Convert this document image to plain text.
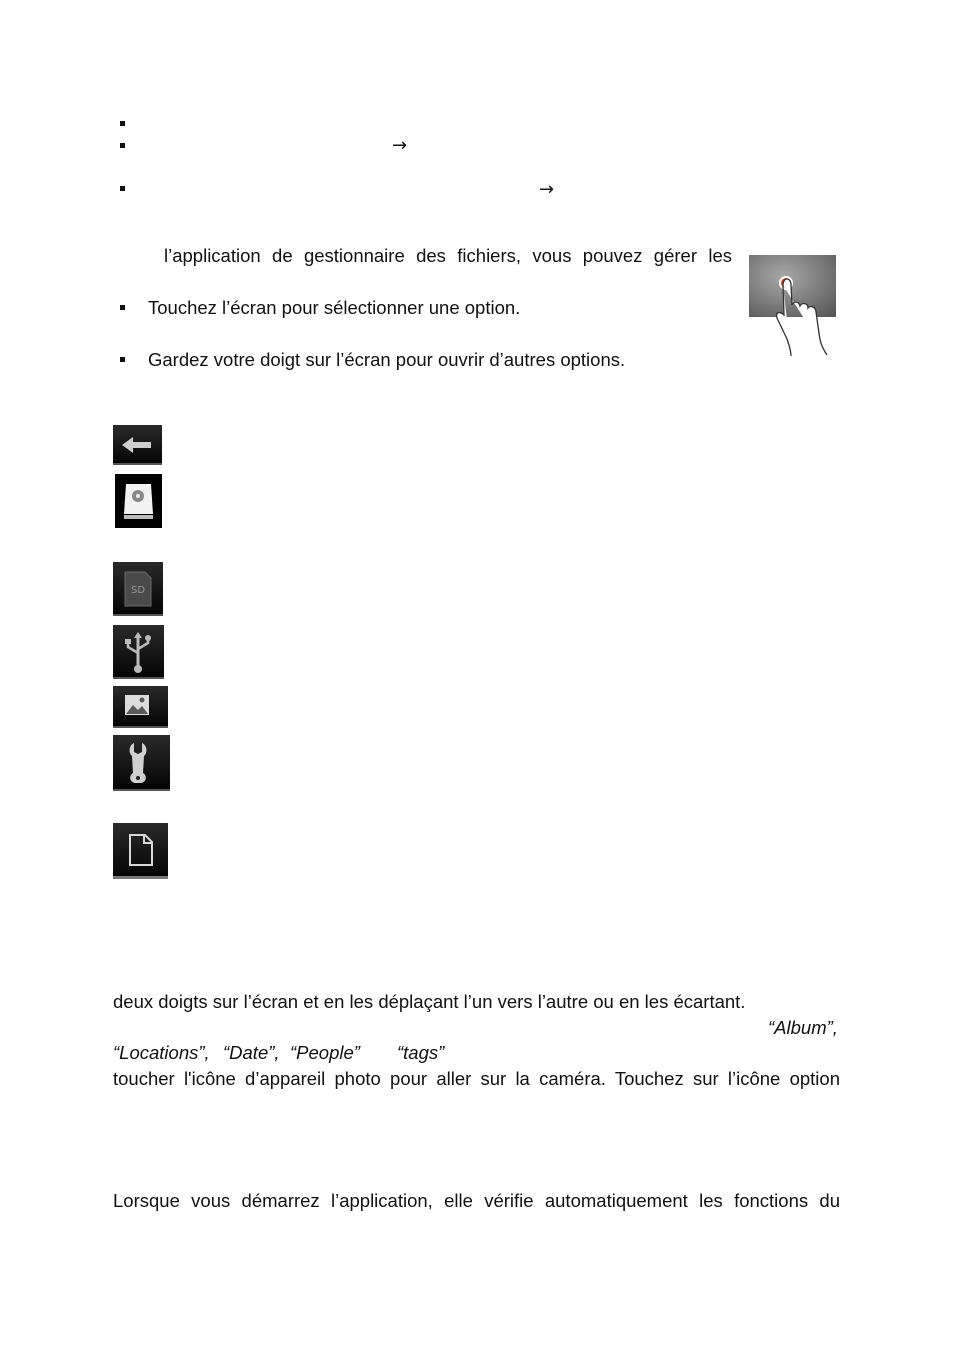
→
→
l’application de gestionnaire des fichiers, vous pouvez gérer les
Touchez l’écran pour sélectionner une option.
Gardez votre doigt sur l’écran pour ouvrir d’autres options.
SD
deux doigts sur l’écran et en les déplaçant l’un vers l’autre ou en les écartant.
“Album”,
“Locations”, “Date”, “People” “tags”
toucher l'icône d’appareil photo pour aller sur la caméra. Touchez sur l’icône option
Lorsque vous démarrez l’application, elle vérifie automatiquement les fonctions du
